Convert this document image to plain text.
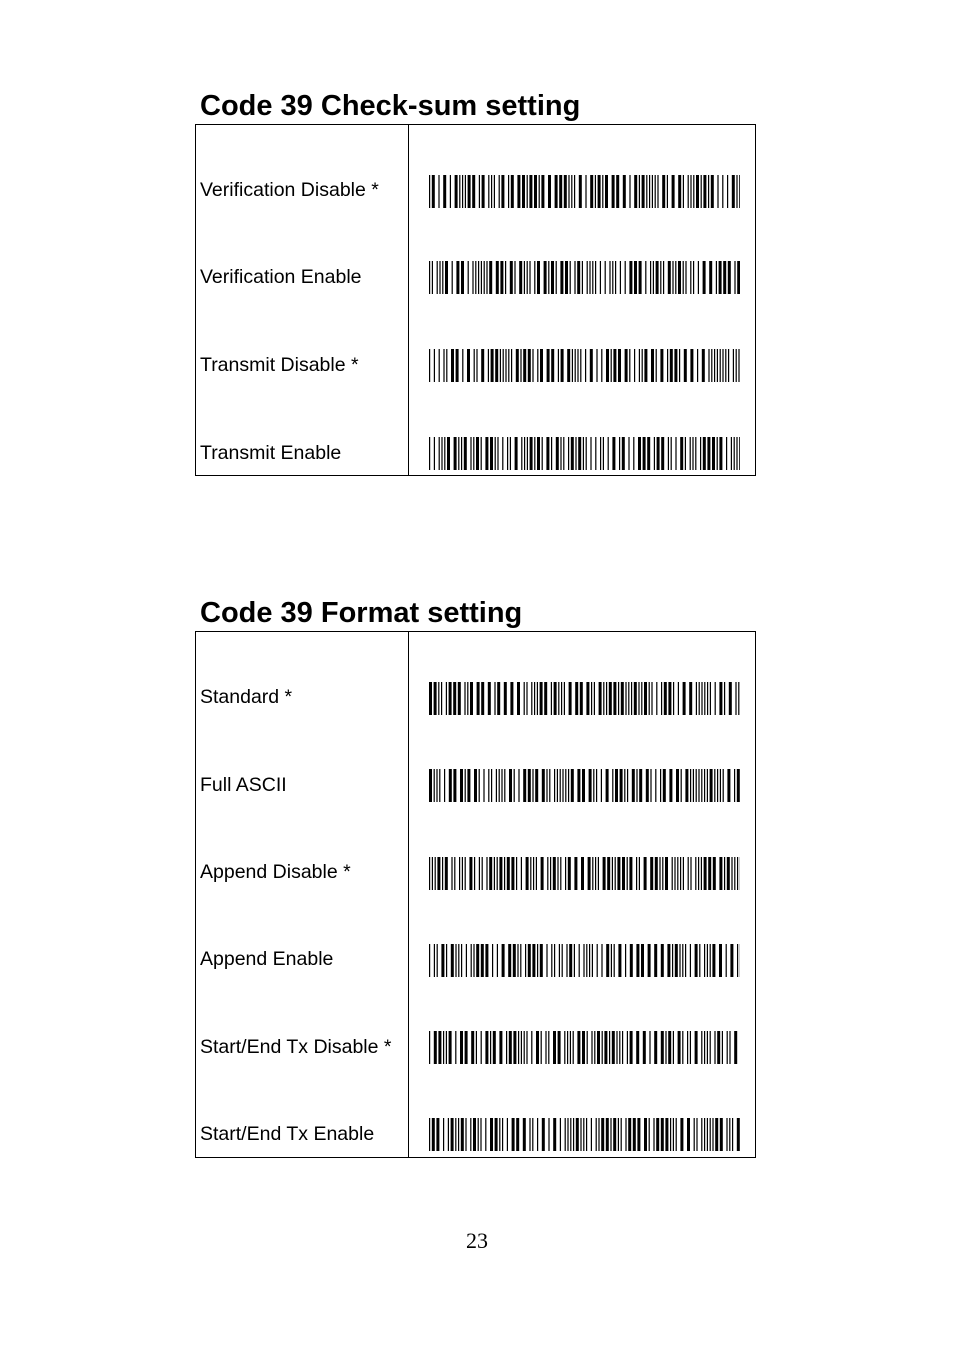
Code 39 Check-sum setting
Verification Disable *
Verification Enable
Transmit Disable *
Transmit Enable
Code 39 Format setting
Standard *
Full ASCII
Append Disable *
Append Enable
Start/End Tx Disable *
Start/End Tx Enable
23
